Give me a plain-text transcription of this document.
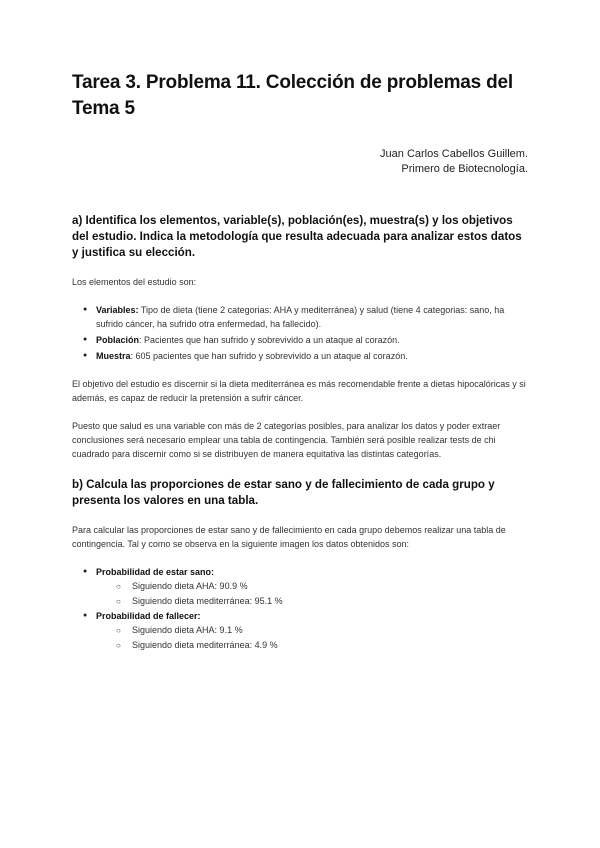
Tarea 3. Problema 11. Colección de problemas del Tema 5
Juan Carlos Cabellos Guillem.
Primero de Biotecnología.
a) Identifica los elementos, variable(s), población(es), muestra(s) y los objetivos del estudio. Indica la metodología que resulta adecuada para analizar estos datos y justifica su elección.

Los elementos del estudio son:

● Variables: Tipo de dieta (tiene 2 categorias: AHA y mediterránea) y salud (tiene 4 categorias: sano, ha sufrido cáncer, ha sufrido otra enfermedad, ha fallecido).
● Población: Pacientes que han sufrido y sobrevivido a un ataque al corazón.
● Muestra: 605 pacientes que han sufrido y sobrevivido a un ataque al corazón.

El objetivo del estudio es discernir si la dieta mediterránea es más recomendable frente a dietas hipocalóricas y si además, es capaz de reducir la pretensión a sufrir cáncer.

Puesto que salud es una variable con más de 2 categorías posibles, para analizar los datos y poder extraer conclusiones será necesario emplear una tabla de contingencia. También será posible realizar tests de chi cuadrado para discernir como si se distribuyen de manera equitativa las distintas categorías.

b) Calcula las proporciones de estar sano y de fallecimiento de cada grupo y presenta los valores en una tabla.

Para calcular las proporciones de estar sano y de fallecimiento en cada grupo debemos realizar una tabla de contingencia. Tal y como se observa en la siguiente imagen los datos obtenidos son:

● Probabilidad de estar sano:
○ Siguiendo dieta AHA: 90.9 %
○ Siguiendo dieta mediterránea: 95.1 %
● Probabilidad de fallecer:
○ Siguiendo dieta AHA: 9.1 %
○ Siguiendo dieta mediterránea: 4.9 %
